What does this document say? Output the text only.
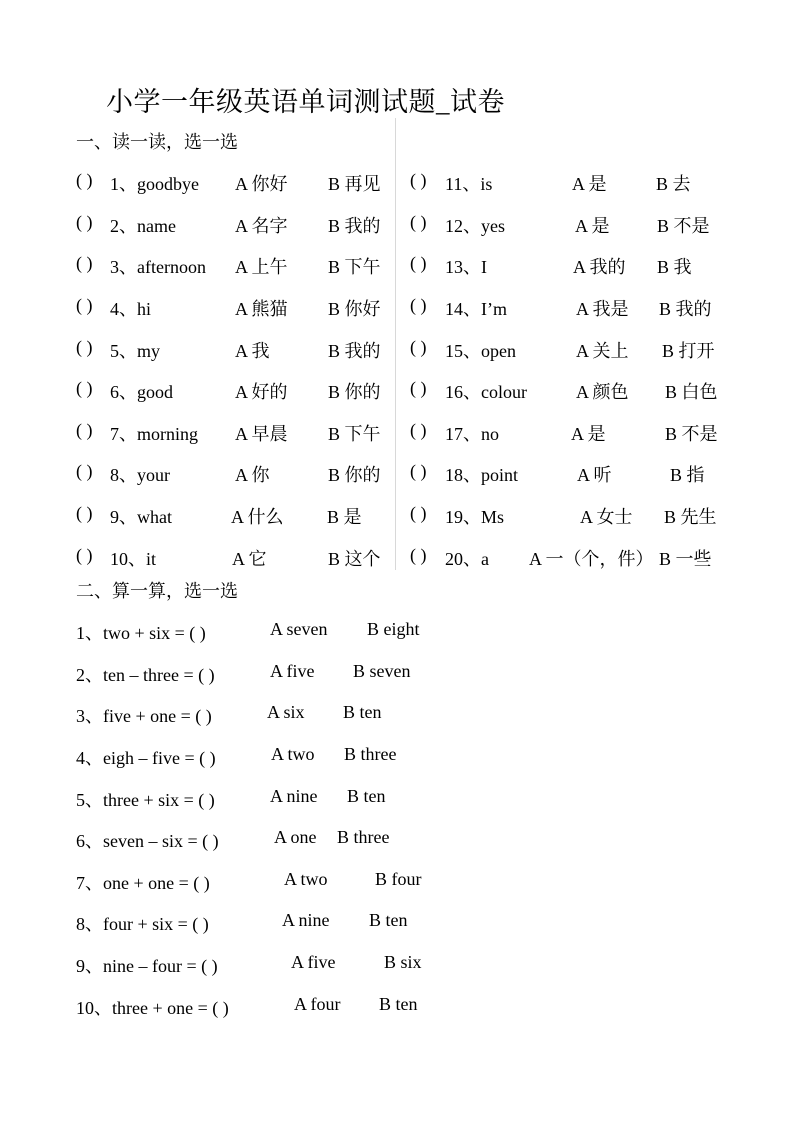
小学一年级英语单词测试题_试卷
一、读一读，选一选
( ) 1、goodbye A 你好 B 再见
( ) 2、name	A 名字 B 我的
( ) 3、afternoon A 上午 B 下午
( ) 4、hi	A 熊猫 B 你好
( ) 5、my	A 我	B 我的
( ) 6、good	A 好的 B 你的
( ) 7、morning A 早晨 B 下午
( ) 8、your	A 你	B 你的
( ) 9、what	A 什么 B 是
( ) 10、it	A 它	B 这个
( ) 11、is	A 是	B 去
( ) 12、yes	A 是	B 不是
( ) 13、I	A 我的 B 我
( ) 14、I’m	A 我是 B 我的
( ) 15、open	A 关上 B 打开
( ) 16、colour	A 颜色 B 白色
( ) 17、no	A 是	B 不是
( ) 18、point	A 听	B 指
( ) 19、Ms	A 女士 B 先生
( ) 20、a A 一（个，件） B 一些
二、算一算，选一选
1、two + six = ( )	A seven B eight
2、ten – three = ( )	A five B seven
3、five + one = ( )	A six B ten
4、eigh – five = ( )	A two B three
5、three + six = ( )	A nine B ten
6、seven – six = ( )	A one B three
7、one + one = ( )	A two	B four
8、four + six = ( )	A nine B ten
9、nine – four = ( )	A five	B six
10、three + one = ( )	A four B ten
